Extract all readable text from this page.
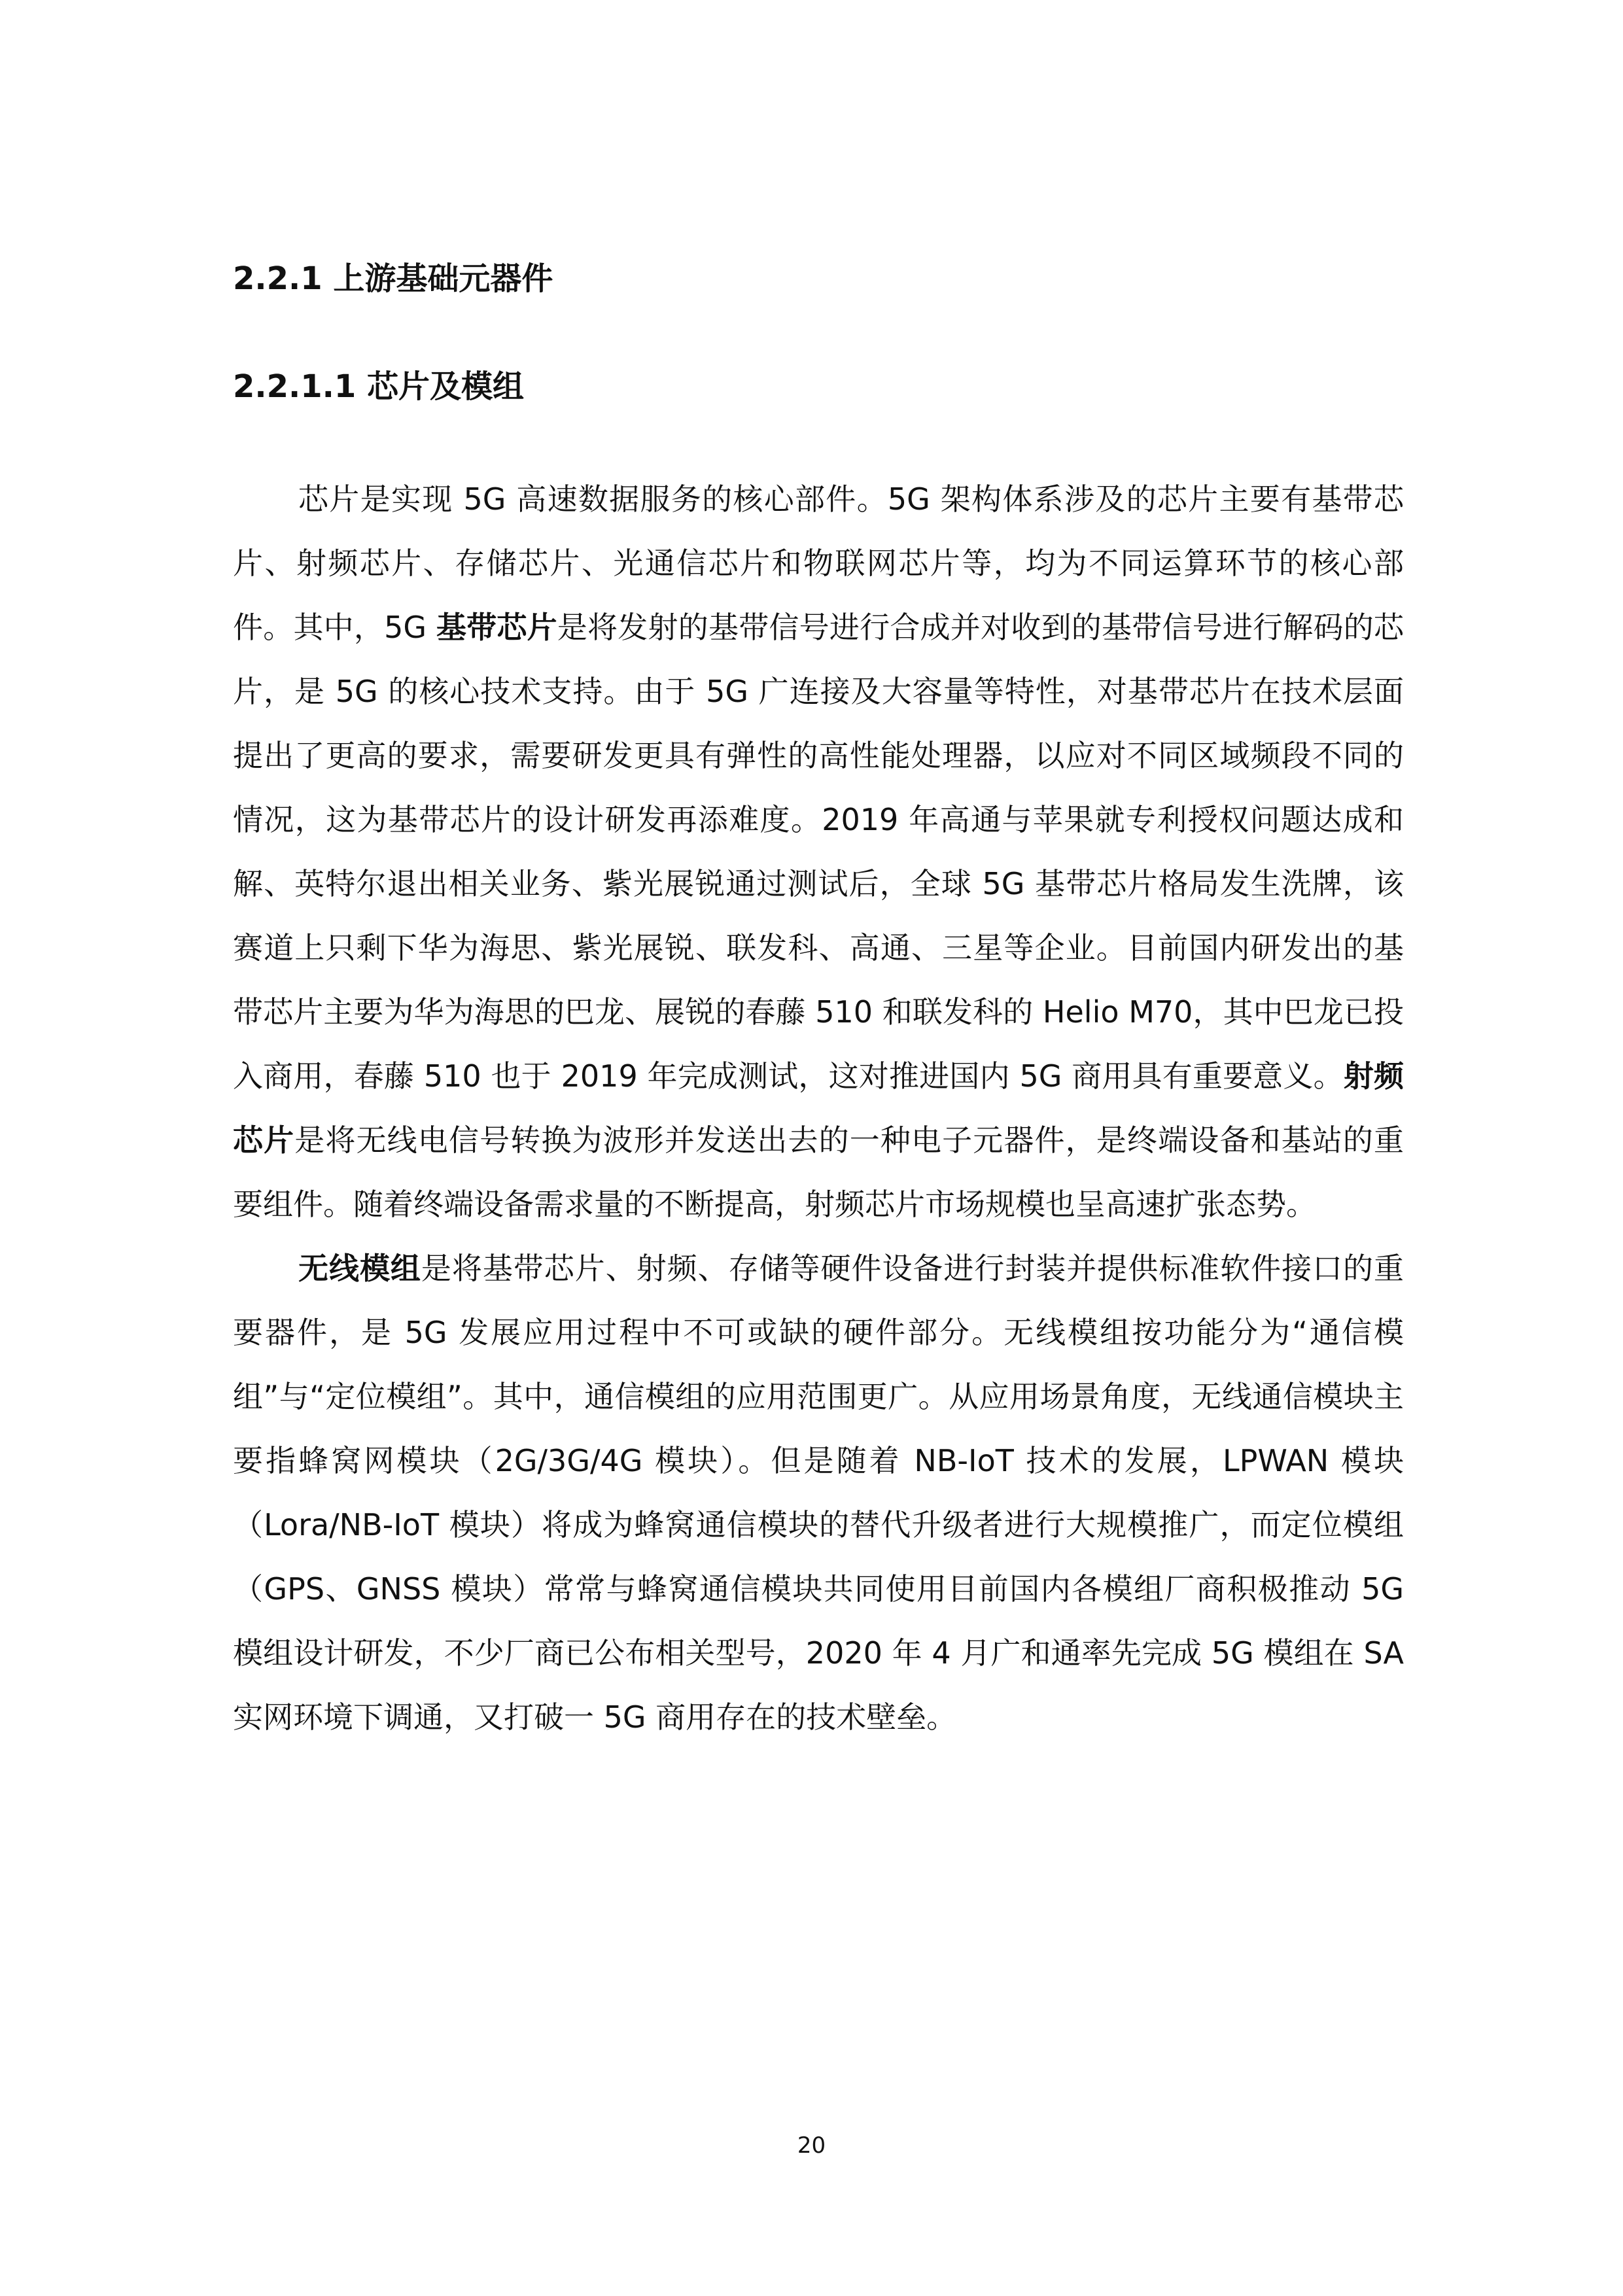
2.2.1 上游基础元器件
2.2.1.1 芯片及模组

芯片是实现 5G 高速数据服务的核心部件。5G 架构体系涉及的芯片主要有基带芯片、射频芯片、存储芯片、光通信芯片和物联网芯片等，均为不同运算环节的核心部件。其中，5G 基带芯片是将发射的基带信号进行合成并对收到的基带信号进行解码的芯片，是 5G 的核心技术支持。由于 5G 广连接及大容量等特性，对基带芯片在技术层面提出了更高的要求，需要研发更具有弹性的高性能处理器，以应对不同区域频段不同的情况，这为基带芯片的设计研发再添难度。2019 年高通与苹果就专利授权问题达成和解、英特尔退出相关业务、紫光展锐通过测试后，全球 5G 基带芯片格局发生洗牌，该赛道上只剩下华为海思、紫光展锐、联发科、高通、三星等企业。目前国内研发出的基带芯片主要为华为海思的巴龙、展锐的春藤 510 和联发科的 Helio M70，其中巴龙已投入商用，春藤 510 也于 2019 年完成测试，这对推进国内 5G 商用具有重要意义。射频芯片是将无线电信号转换为波形并发送出去的一种电子元器件，是终端设备和基站的重要组件。随着终端设备需求量的不断提高，射频芯片市场规模也呈高速扩张态势。

无线模组是将基带芯片、射频、存储等硬件设备进行封装并提供标准软件接口的重要器件，是 5G 发展应用过程中不可或缺的硬件部分。无线模组按功能分为“通信模组”与“定位模组”。其中，通信模组的应用范围更广。从应用场景角度，无线通信模块主要指蜂窝网模块（2G/3G/4G 模块）。但是随着 NB-IoT 技术的发展，LPWAN 模块（Lora/NB-IoT 模块）将成为蜂窝通信模块的替代升级者进行大规模推广，而定位模组（GPS、GNSS 模块）常常与蜂窝通信模块共同使用目前国内各模组厂商积极推动 5G 模组设计研发，不少厂商已公布相关型号，2020 年 4 月广和通率先完成 5G 模组在 SA 实网环境下调通，又打破一 5G 商用存在的技术壁垒。

20
